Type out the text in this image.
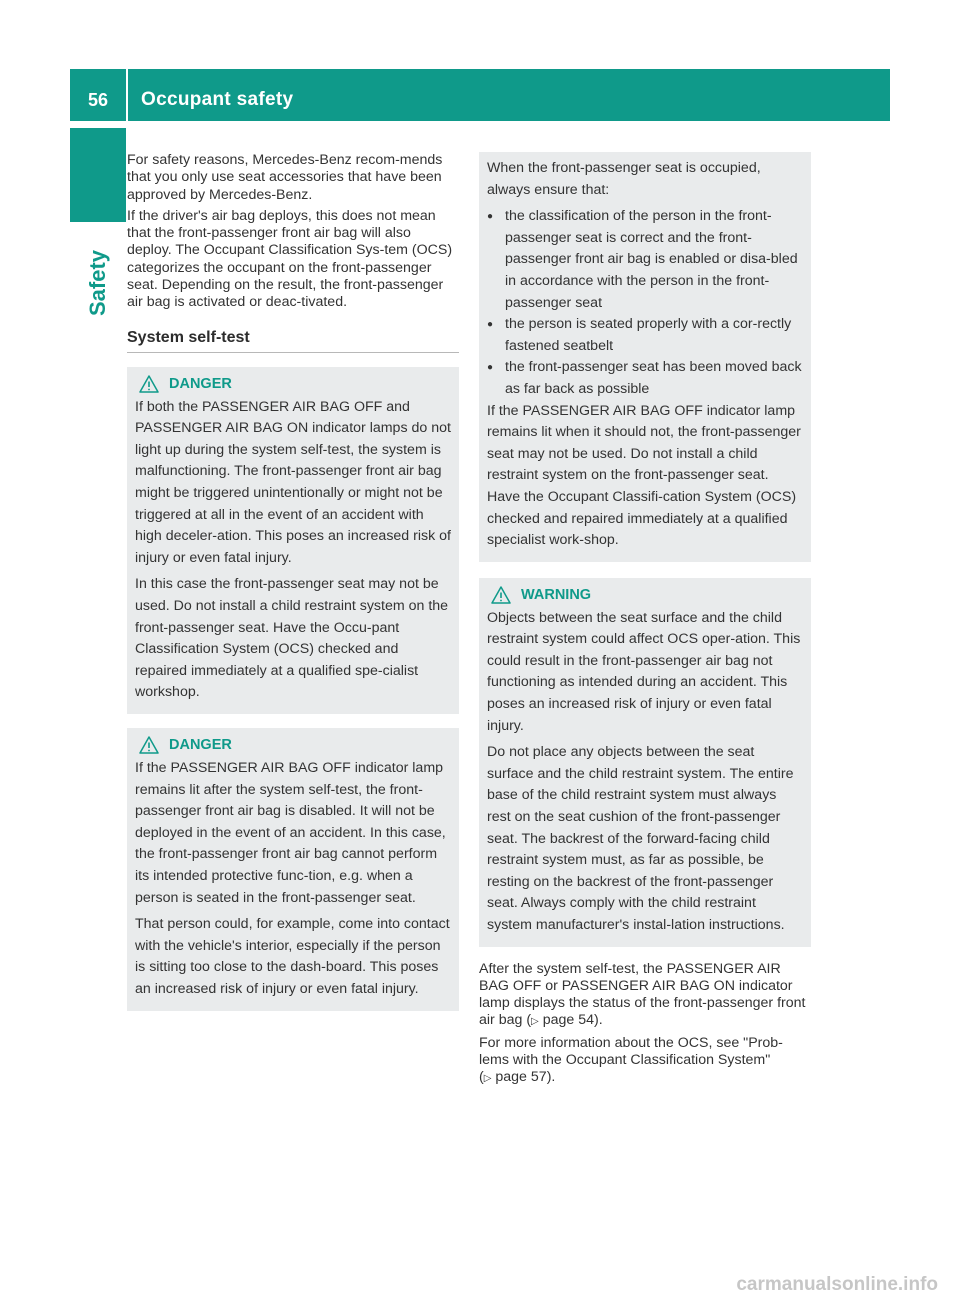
56	Occupant safety
Safety

For safety reasons, Mercedes-Benz recom-mends that you only use seat accessories that have been approved by Mercedes-Benz.

If the driver's air bag deploys, this does not mean that the front-passenger front air bag will also deploy. The Occupant Classification Sys-tem (OCS) categorizes the occupant on the front-passenger seat. Depending on the result, the front-passenger air bag is activated or deac-tivated.

System self-test
DANGER

If both the PASSENGER AIR BAG OFF and PASSENGER AIR BAG ON indicator lamps do not light up during the system self-test, the system is malfunctioning. The front-passenger front air bag might be triggered unintentionally or might not be triggered at all in the event of an accident with high deceler-ation. This poses an increased risk of injury or even fatal injury.

In this case the front-passenger seat may not be used. Do not install a child restraint system on the front-passenger seat. Have the Occu-pant Classification System (OCS) checked and repaired immediately at a qualified spe-cialist workshop.

DANGER

If the PASSENGER AIR BAG OFF indicator lamp remains lit after the system self-test, the front-passenger front air bag is disabled. It will not be deployed in the event of an accident. In this case, the front-passenger front air bag cannot perform its intended protective func-tion, e.g. when a person is seated in the front-passenger seat.

That person could, for example, come into contact with the vehicle's interior, especially if the person is sitting too close to the dash-board. This poses an increased risk of injury or even fatal injury.

When the front-passenger seat is occupied, always ensure that:

● the classification of the person in the front-passenger seat is correct and the front-passenger front air bag is enabled or disa-bled in accordance with the person in the front-passenger seat
● the person is seated properly with a cor-rectly fastened seatbelt
● the front-passenger seat has been moved back as far back as possible

If the PASSENGER AIR BAG OFF indicator lamp remains lit when it should not, the front-passenger seat may not be used. Do not install a child restraint system on the front-passenger seat. Have the Occupant Classifi-cation System (OCS) checked and repaired immediately at a qualified specialist work-shop.

WARNING

Objects between the seat surface and the child restraint system could affect OCS oper-ation. This could result in the front-passenger air bag not functioning as intended during an accident. This poses an increased risk of injury or even fatal injury.

Do not place any objects between the seat surface and the child restraint system. The entire base of the child restraint system must always rest on the seat cushion of the front-passenger seat. The backrest of the forward-facing child restraint system must, as far as possible, be resting on the backrest of the front-passenger seat. Always comply with the child restraint system manufacturer's instal-lation instructions.

After the system self-test, the PASSENGER AIR BAG OFF or PASSENGER AIR BAG ON indicator lamp displays the status of the front-passenger front air bag (▷ page 54).

For more information about the OCS, see "Prob-lems with the Occupant Classification System" (▷ page 57).

carmanualsonline.info
